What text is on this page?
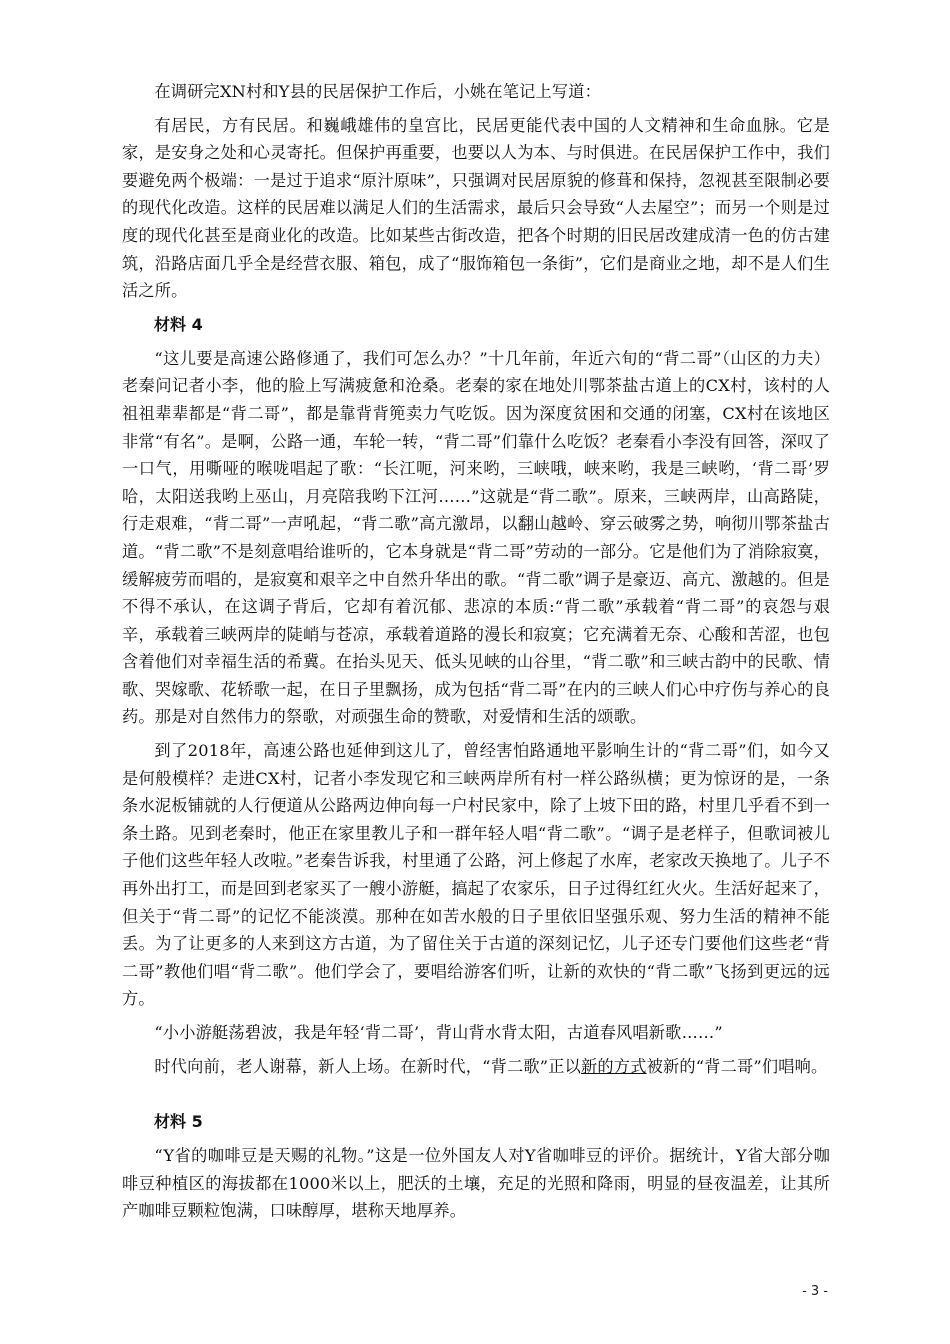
在调研完XN村和Y县的民居保护工作后，小姚在笔记上写道：

有居民，方有民居。和巍峨雄伟的皇宫比，民居更能代表中国的人文精神和生命血脉。它是家，是安身之处和心灵寄托。但保护再重要，也要以人为本、与时俱进。在民居保护工作中，我们要避免两个极端：一是过于追求“原汁原味”，只强调对民居原貌的修葺和保持，忽视甚至限制必要的现代化改造。这样的民居难以满足人们的生活需求，最后只会导致“人去屋空”；而另一个则是过度的现代化甚至是商业化的改造。比如某些古街改造，把各个时期的旧民居改建成清一色的仿古建筑，沿路店面几乎全是经营衣服、箱包，成了“服饰箱包一条街”，它们是商业之地，却不是人们生活之所。

材料 4

“这儿要是高速公路修通了，我们可怎么办？”十几年前，年近六旬的“背二哥”（山区的力夫）老秦问记者小李，他的脸上写满疲惫和沧桑。老秦的家在地处川鄂茶盐古道上的CX村，该村的人祖祖辈辈都是“背二哥”，都是靠背背篼卖力气吃饭。因为深度贫困和交通的闭塞，CX村在该地区非常“有名”。是啊，公路一通，车轮一转，“背二哥”们靠什么吃饭？老秦看小李没有回答，深叹了一口气，用嘶哑的喉咙唱起了歌：“长江呃，河来哟，三峡哦，峡来哟，我是三峡哟，‘背二哥’罗哈，太阳送我哟上巫山，月亮陪我哟下江河……”这就是“背二歌”。原来，三峡两岸，山高路陡，行走艰难，“背二哥”一声吼起，“背二歌”高亢激昂，以翻山越岭、穿云破雾之势，响彻川鄂茶盐古道。“背二歌”不是刻意唱给谁听的，它本身就是“背二哥”劳动的一部分。它是他们为了消除寂寞，缓解疲劳而唱的，是寂寞和艰辛之中自然升华出的歌。“背二歌”调子是豪迈、高亢、激越的。但是不得不承认，在这调子背后，它却有着沉郁、悲凉的本质:“背二歌”承载着“背二哥”的哀怨与艰辛，承载着三峡两岸的陡峭与苍凉，承载着道路的漫长和寂寞；它充满着无奈、心酸和苦涩，也包含着他们对幸福生活的希冀。在抬头见天、低头见峡的山谷里，“背二歌”和三峡古韵中的民歌、情歌、哭嫁歌、花轿歌一起，在日子里飘扬，成为包括“背二哥”在内的三峡人们心中疗伤与养心的良药。那是对自然伟力的祭歌，对顽强生命的赞歌，对爱情和生活的颂歌。

到了2018年，高速公路也延伸到这儿了，曾经害怕路通地平影响生计的“背二哥”们，如今又是何般模样？走进CX村，记者小李发现它和三峡两岸所有村一样公路纵横；更为惊讶的是，一条条水泥板铺就的人行便道从公路两边伸向每一户村民家中，除了上坡下田的路，村里几乎看不到一条土路。见到老秦时，他正在家里教儿子和一群年轻人唱“背二歌”。“调子是老样子，但歌词被儿子他们这些年轻人改啦。”老秦告诉我，村里通了公路，河上修起了水库，老家改天换地了。儿子不再外出打工，而是回到老家买了一艘小游艇，搞起了农家乐，日子过得红红火火。生活好起来了，但关于“背二哥”的记忆不能淡漠。那种在如苦水般的日子里依旧坚强乐观、努力生活的精神不能丢。为了让更多的人来到这方古道，为了留住关于古道的深刻记忆，儿子还专门要他们这些老“背二哥”教他们唱“背二歌”。他们学会了，要唱给游客们听，让新的欢快的“背二歌”飞扬到更远的远方。

“小小游艇荡碧波，我是年轻‘背二哥’，背山背水背太阳，古道春风唱新歌……”

时代向前，老人谢幕，新人上场。在新时代，“背二歌”正以新的方式被新的“背二哥”们唱响。

材料 5

“Y省的咖啡豆是天赐的礼物。”这是一位外国友人对Y省咖啡豆的评价。据统计，Y省大部分咖啡豆种植区的海拔都在1000米以上，肥沃的土壤，充足的光照和降雨，明显的昼夜温差，让其所产咖啡豆颗粒饱满，口味醇厚，堪称天地厚养。

- 3 -
